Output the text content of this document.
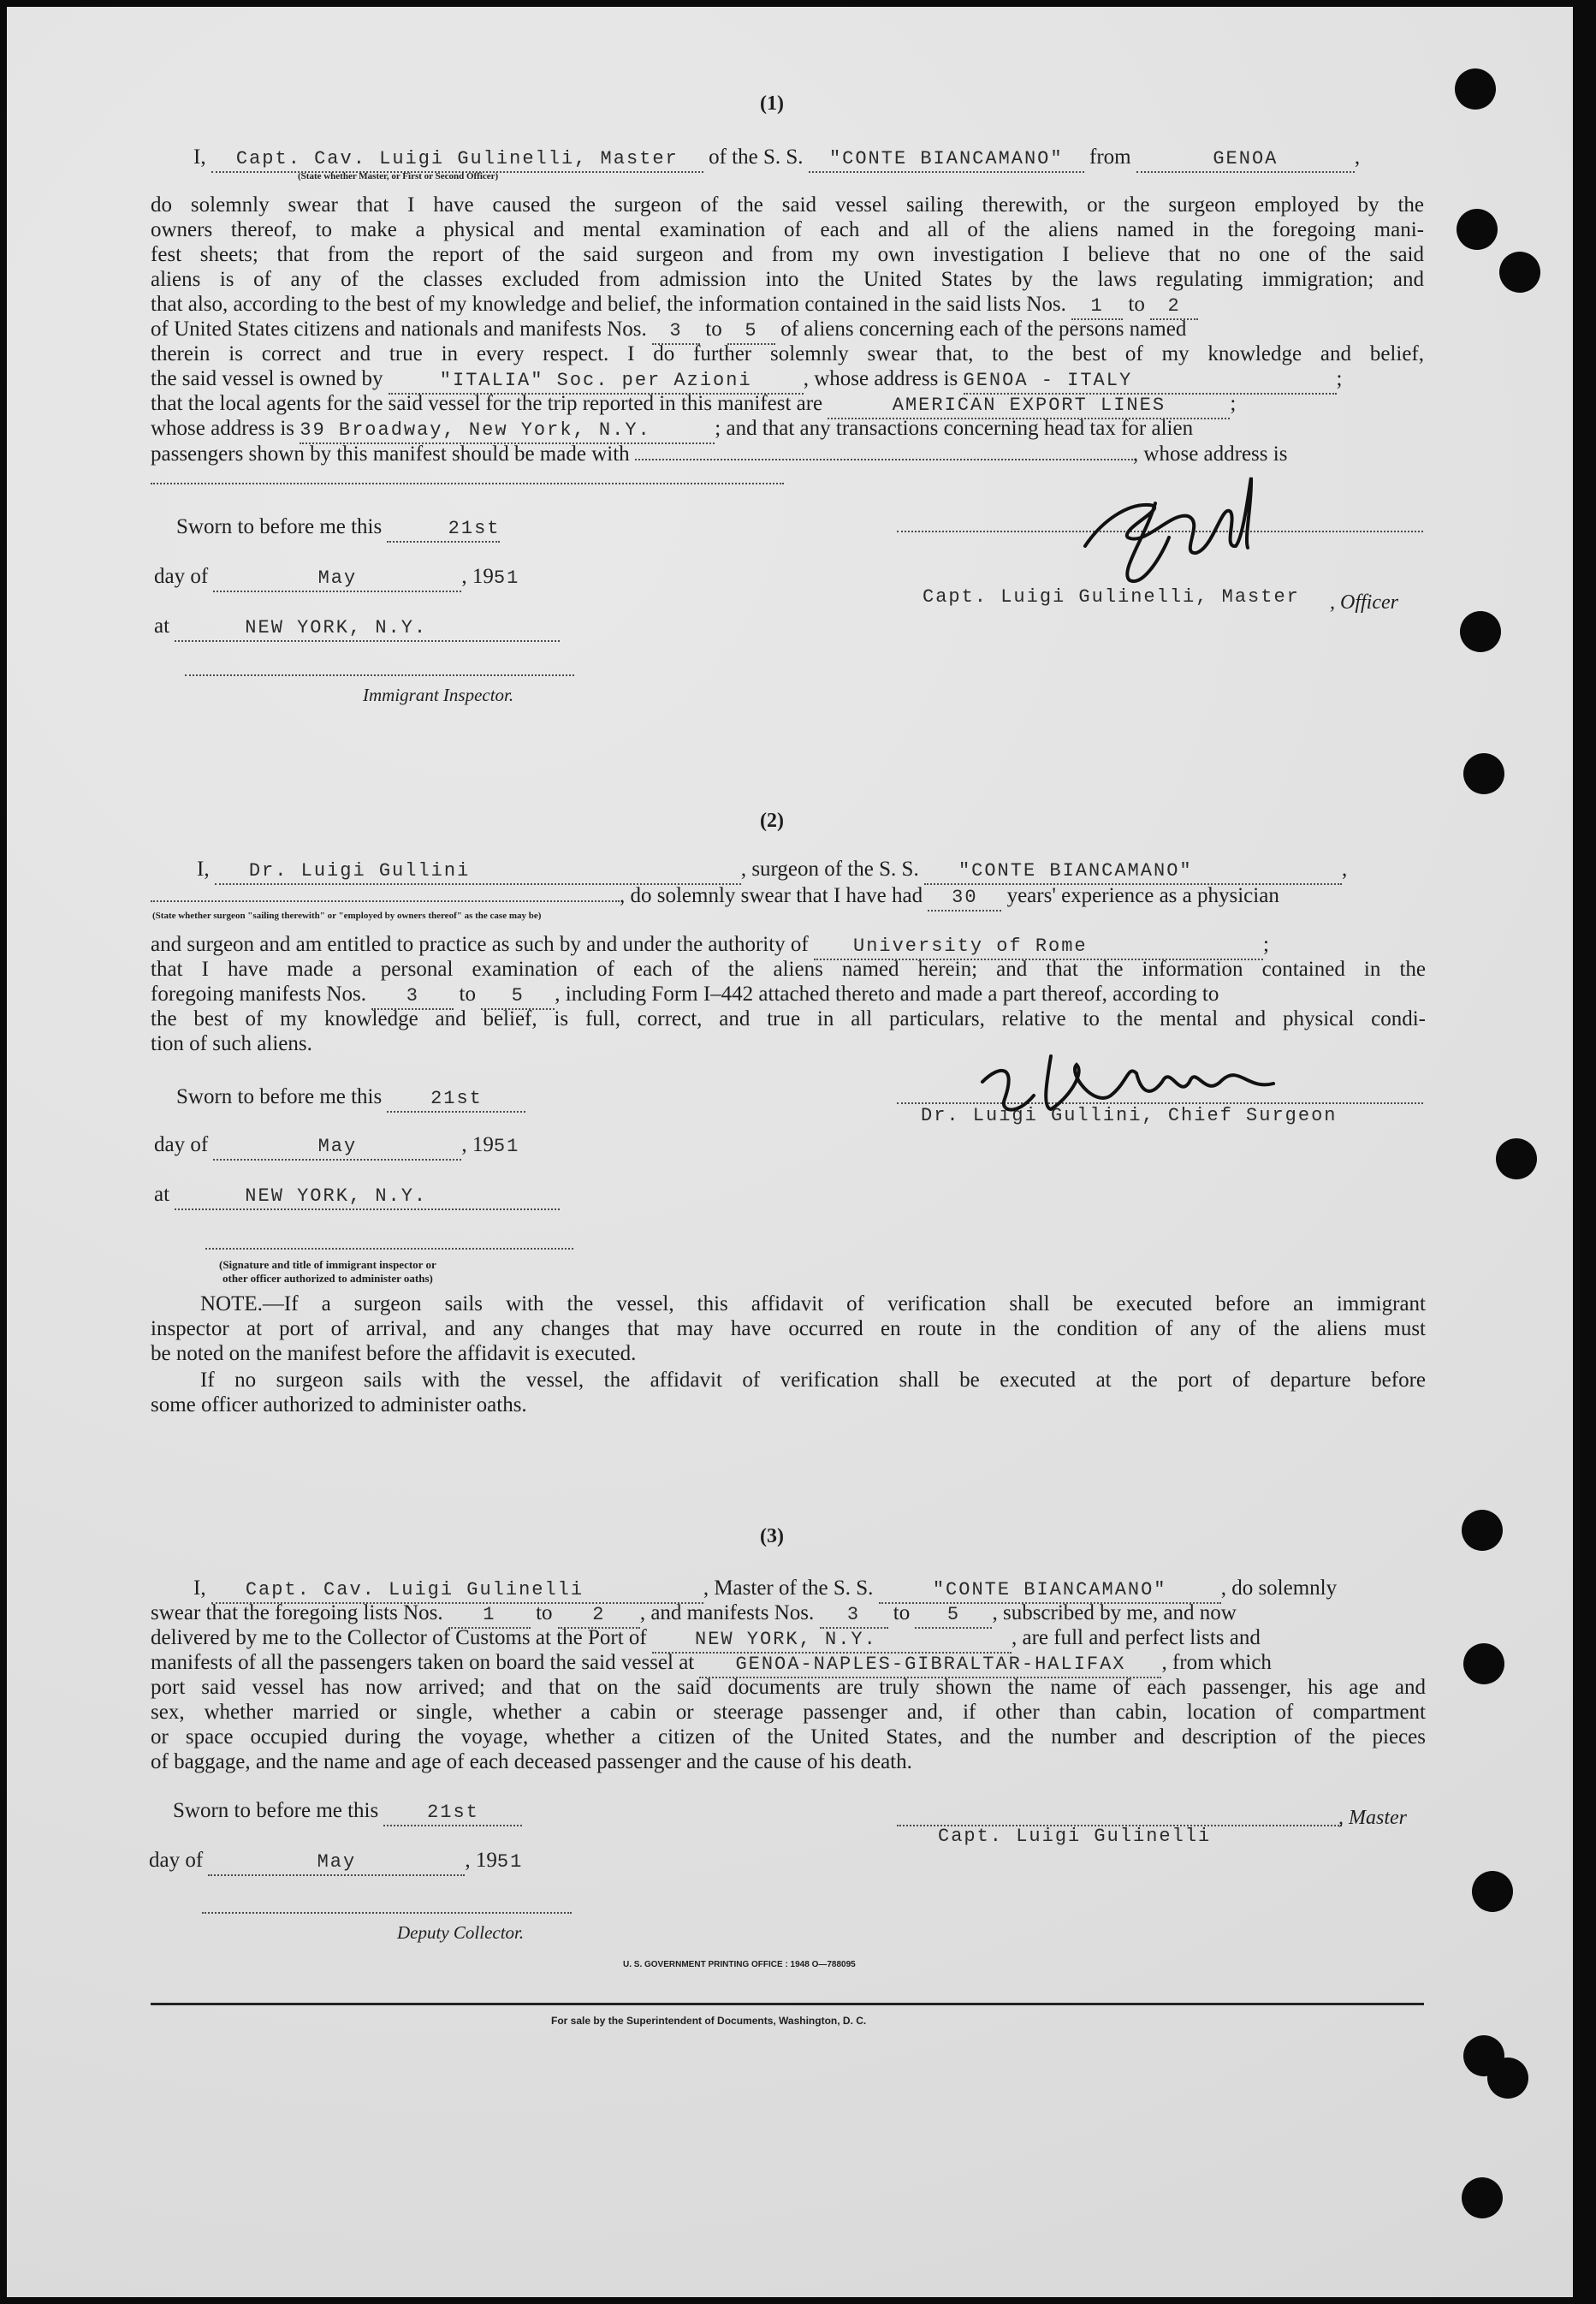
(1)
I, Capt. Cav. Luigi Gulinelli, Master of the S. S. "CONTE BIANCAMANO" from	GENOA	,
(State whether Master, or First or Second Officer)
do solemnly swear that I have caused the surgeon of the said vessel sailing therewith, or the surgeon employed by the
owners thereof, to make a physical and mental examination of each and all of the aliens named in the foregoing mani-
fest sheets; that from the report of the said surgeon and from my own investigation I believe that no one of the said
aliens is of any of the classes excluded from admission into the United States by the laws regulating immigration; and
that also, according to the best of my knowledge and belief, the information contained in the said lists Nos. 1 to 2
of United States citizens and nationals and manifests Nos. 3 to 5 of aliens concerning each of the persons named
therein is correct and true in every respect. I do further solemnly swear that, to the best of my knowledge and belief,
the said vessel is owned by	"ITALIA" Soc. per Azioni , whose address is GENOA - ITALY	;
that the local agents for the said vessel for the trip reported in this manifest are	AMERICAN EXPORT LINES	;
whose address is 39 Broadway, New York, N.Y.	; and that any transactions concerning head tax for alien
passengers shown by this manifest should be made with	, whose address is
Sworn to before me this	21st
day of	May	, 1951
at	NEW YORK, N.Y.
Immigrant Inspector.
Capt. Luigi Gulinelli, Master , Officer
(2)
I, Dr. Luigi Gullini	, surgeon of the S. S. "CONTE BIANCAMANO"	,
, do solemnly swear that I have had 30 years' experience as a physician
(State whether surgeon "sailing therewith" or "employed by owners thereof" as the case may be)
and surgeon and am entitled to practice as such by and under the authority of University of Rome	;
that I have made a personal examination of each of the aliens named herein; and that the information contained in the
foregoing manifests Nos. 3 to 5 , including Form I–442 attached thereto and made a part thereof, according to
the best of my knowledge and belief, is full, correct, and true in all particulars, relative to the mental and physical condi-
tion of such aliens.
Sworn to before me this	21st
day of	May	, 1951
at	NEW YORK, N.Y.
(Signature and title of immigrant inspector or
other officer authorized to administer oaths)
Dr. Luigi Gullini, Chief Surgeon
NOTE.—If a surgeon sails with the vessel, this affidavit of verification shall be executed before an immigrant
inspector at port of arrival, and any changes that may have occurred en route in the condition of any of the aliens must
be noted on the manifest before the affidavit is executed.
If no surgeon sails with the vessel, the affidavit of verification shall be executed at the port of departure before
some officer authorized to administer oaths.
(3)
I, Capt. Cav. Luigi Gulinelli	, Master of the S. S.	"CONTE BIANCAMANO"	, do solemnly
swear that the foregoing lists Nos. 1 to 2 , and manifests Nos. 3 to 5 , subscribed by me, and now
delivered by me to the Collector of Customs at the Port of	NEW YORK, N.Y.	, are full and perfect lists and
manifests of all the passengers taken on board the said vessel at GENOA-NAPLES-GIBRALTAR-HALIFAX , from which
port said vessel has now arrived; and that on the said documents are truly shown the name of each passenger, his age and
sex, whether married or single, whether a cabin or steerage passenger and, if other than cabin, location of compartment
or space occupied during the voyage, whether a citizen of the United States, and the number and description of the pieces
of baggage, and the name and age of each deceased passenger and the cause of his death.
Sworn to before me this	21st
day of	May	, 1951
Deputy Collector.
, Master
Capt. Luigi Gulinelli
U. S. GOVERNMENT PRINTING OFFICE : 1948 O—788095
For sale by the Superintendent of Documents, Washington, D. C.
